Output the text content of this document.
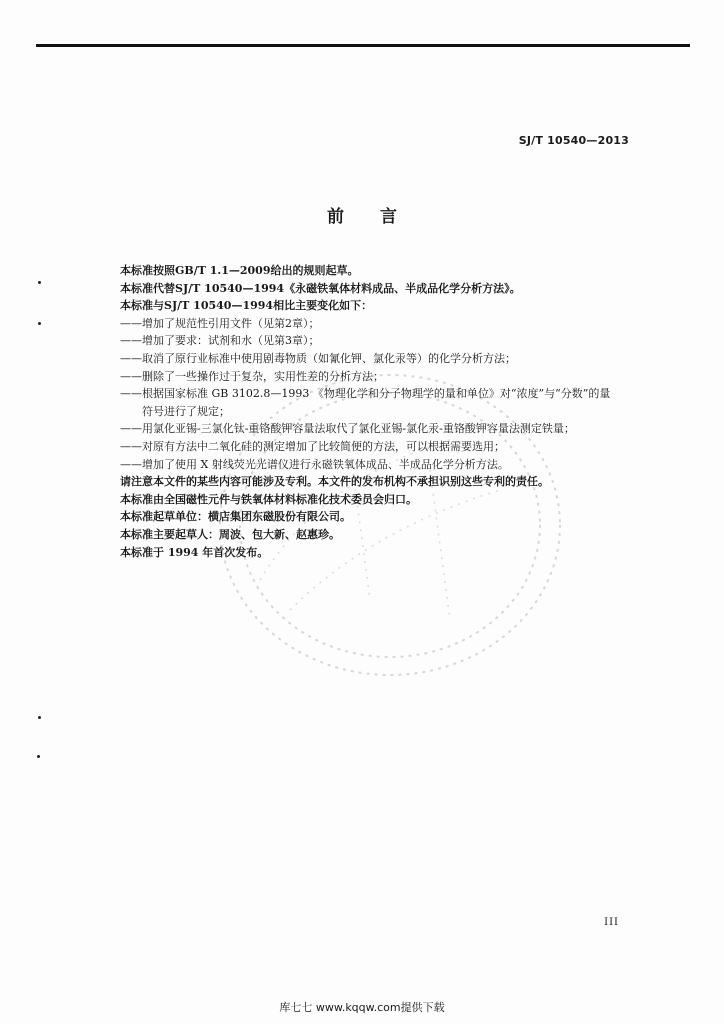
SJ/T 10540—2013
前言
本标准按照GB/T 1.1—2009给出的规则起草。
本标准代替SJ/T 10540—1994《永磁铁氧体材料成品、半成品化学分析方法》。
本标准与SJ/T 10540—1994相比主要变化如下：
——增加了规范性引用文件（见第2章）；
——增加了要求：试剂和水（见第3章）；
——取消了原行业标准中使用剧毒物质（如氰化钾、氯化汞等）的化学分析方法；
——删除了一些操作过于复杂，实用性差的分析方法；
——根据国家标准 GB 3102.8—1993 《物理化学和分子物理学的量和单位》对“浓度”与“分数”的量
符号进行了规定；
——用氯化亚锡-三氯化钛-重铬酸钾容量法取代了氯化亚锡-氯化汞-重铬酸钾容量法测定铁量；
——对原有方法中二氧化硅的测定增加了比较简便的方法，可以根据需要选用；
——增加了使用 X 射线荧光光谱仪进行永磁铁氧体成品、半成品化学分析方法。
请注意本文件的某些内容可能涉及专利。本文件的发布机构不承担识别这些专利的责任。
本标准由全国磁性元件与铁氧体材料标准化技术委员会归口。
本标准起草单位：横店集团东磁股份有限公司。
本标准主要起草人：周波、包大新、赵惠珍。
本标准于 1994 年首次发布。
III
库七七 www.kqqw.com提供下载
